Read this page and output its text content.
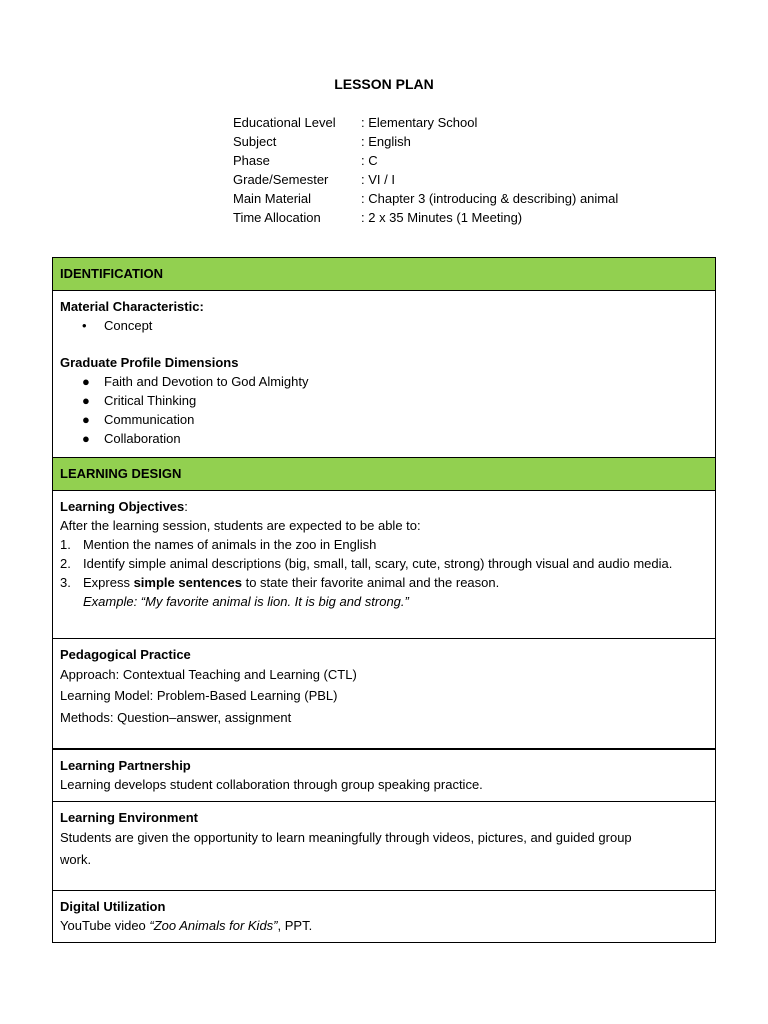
LESSON PLAN
Educational Level : Elementary School
Subject	: English
Phase	: C
Grade/Semester	: VI / I
Main Material	: Chapter 3 (introducing & describing) animal
Time Allocation	: 2 x 35 Minutes (1 Meeting)
IDENTIFICATION
Material Characteristic:
• Concept
Graduate Profile Dimensions
● Faith and Devotion to God Almighty
● Critical Thinking
● Communication
● Collaboration
LEARNING DESIGN
Learning Objectives:
After the learning session, students are expected to be able to:
1. Mention the names of animals in the zoo in English
2. Identify simple animal descriptions (big, small, tall, scary, cute, strong) through visual and audio media.
3. Express simple sentences to state their favorite animal and the reason.
Example: “My favorite animal is lion. It is big and strong.”
Pedagogical Practice
Approach: Contextual Teaching and Learning (CTL)
Learning Model: Problem-Based Learning (PBL)
Methods: Question–answer, assignment
Learning Partnership
Learning develops student collaboration through group speaking practice.
Learning Environment
Students are given the opportunity to learn meaningfully through videos, pictures, and guided group
work.
Digital Utilization
YouTube video “Zoo Animals for Kids”, PPT.
